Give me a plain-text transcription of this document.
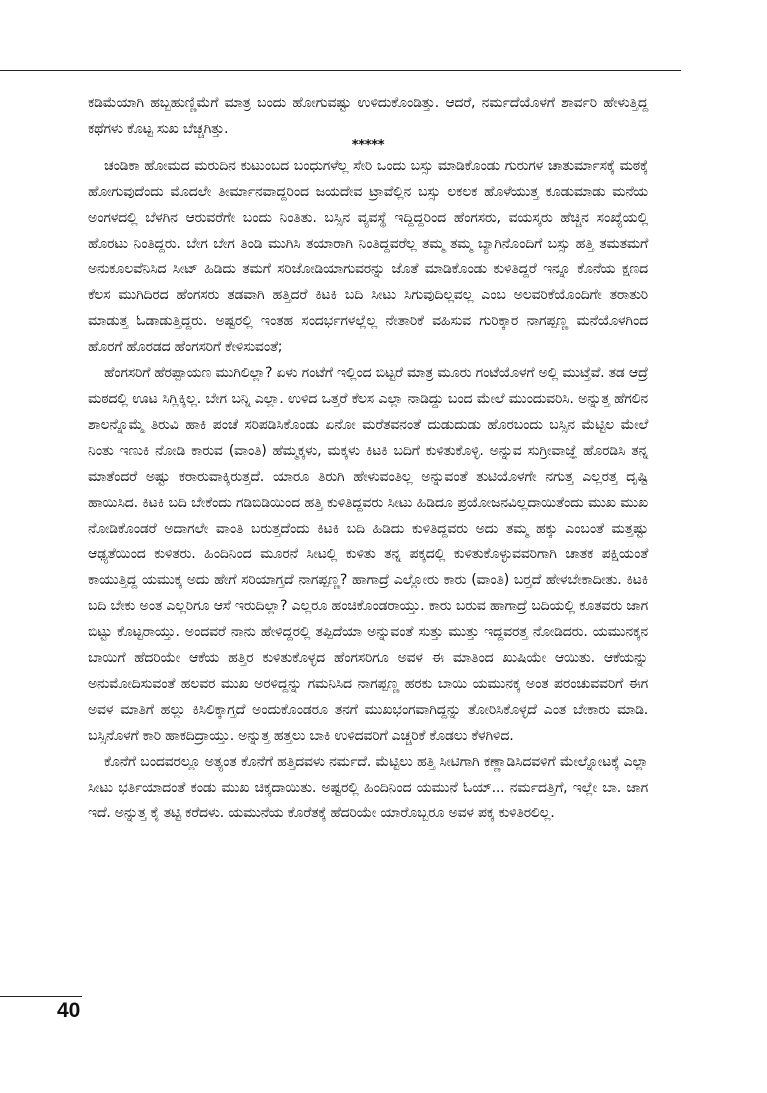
ಕಡಿಮೆಯಾಗಿ ಹಬ್ಬಹುಣ್ಣಿಮೆಗೆ ಮಾತ್ರ ಬಂದು ಹೋಗುವಷ್ಟು ಉಳಿದುಕೊಂಡಿತ್ತು. ಆದರೆ, ನರ್ಮದೆಯೊಳಗೆ ಶಾರ್ವರಿ ಹೇಳುತ್ತಿದ್ದ ಕಥೆಗಳು ಕೊಟ್ಟ ಸುಖ ಬೆಚ್ಚಗಿತ್ತು.

*****

ಚಂಡಿಕಾ ಹೋಮದ ಮರುದಿನ ಕುಟುಂಬದ ಬಂಧುಗಳೆಲ್ಲ ಸೇರಿ ಒಂದು ಬಸ್ಸು ಮಾಡಿಕೊಂಡು ಗುರುಗಳ ಚಾತುರ್ಮಾಸಕ್ಕೆ ಮಠಕ್ಕೆ ಹೋಗುವುದೆಂದು ಮೊದಲೇ ತೀರ್ಮಾನವಾದ್ದರಿಂದ ಜಯದೇವ ಟ್ರಾವೆಲ್ಲಿನ ಬಸ್ಸು ಲಕಲಕ ಹೊಳೆಯುತ್ತ ಕೂಡುಮಾಡು ಮನೆಯ ಅಂಗಳದಲ್ಲಿ ಬೆಳಗಿನ ಆರುವರೆಗೇ ಬಂದು ನಿಂತಿತು. ಬಸ್ಸಿನ ವ್ಯವಸ್ಥೆ ಇದ್ದಿದ್ದರಿಂದ ಹೆಂಗಸರು, ವಯಸ್ಕರು ಹೆಚ್ಚಿನ ಸಂಖ್ಯೆಯಲ್ಲಿ ಹೊರಟು ನಿಂತಿದ್ದರು. ಬೇಗ ಬೇಗ ತಿಂಡಿ ಮುಗಿಸಿ ತಯಾರಾಗಿ ನಿಂತಿದ್ದವರೆಲ್ಲ ತಮ್ಮ ತಮ್ಮ ಬ್ಯಾಗಿನೊಂದಿಗೆ ಬಸ್ಸು ಹತ್ತಿ ತಮತಮಗೆ ಅನುಕೂಲವೆನಿಸಿದ ಸೀಟ್ ಹಿಡಿದು ತಮಗೆ ಸರಿಜೋಡಿಯಾಗುವರನ್ನು ಜೊತೆ ಮಾಡಿಕೊಂಡು ಕುಳಿತಿದ್ದರೆ ಇನ್ನೂ ಕೊನೆಯ ಕ್ಷಣದ ಕೆಲಸ ಮುಗಿದಿರದ ಹೆಂಗಸರು ತಡವಾಗಿ ಹತ್ತಿದರೆ ಕಿಟಕಿ ಬದಿ ಸೀಟು ಸಿಗುವುದಿಲ್ಲವಲ್ಲ ಎಂಬ ಅಲವರಿಕೆಯೊಂದಿಗೇ ತರಾತುರಿ ಮಾಡುತ್ತ ಓಡಾಡುತ್ತಿದ್ದರು. ಅಷ್ಟರಲ್ಲಿ ಇಂತಹ ಸಂದರ್ಭಗಳಲ್ಲೆಲ್ಲ ನೇತಾರಿಕೆ ವಹಿಸುವ ಗುರಿಕ್ಕಾರ ನಾಗಪ್ಪಣ್ಣ ಮನೆಯೊಳಗಿಂದ ಹೊರಗೆ ಹೊರಡದ ಹೆಂಗಸರಿಗೆ ಕೇಳಿಸುವಂತೆ;

ಹೆಂಗಸರಿಗೆ ಹೆರಪ್ಪಾಯಣ ಮುಗಿಲಿಲ್ಲಾ? ಏಳು ಗಂಟೆಗೆ ಇಲ್ಲಿಂದ ಬಿಟ್ಟರೆ ಮಾತ್ರ ಮೂರು ಗಂಟೆಯೊಳಗೆ ಅಲ್ಲಿ ಮುಟ್ತೆವೆ. ತಡ ಆದ್ರೆ ಮಠದಲ್ಲಿ ಊಟ ಸಿಗ್ಲಿಕ್ಕಿಲ್ಲ. ಬೇಗ ಬನ್ನಿ ಎಲ್ಲಾ. ಉಳಿದ ಒತ್ತರೆ ಕೆಲಸ ಎಲ್ಲಾ ನಾಡಿದ್ದು ಬಂದ ಮೇಲೆ ಮುಂದುವರಿಸಿ. ಅನ್ನುತ್ತ ಹೆಗಲಿನ ಶಾಲನ್ನೊಮ್ಮೆ ತಿರುವಿ ಹಾಕಿ ಪಂಚೆ ಸರಿಪಡಿಸಿಕೊಂಡು ಏನೋ ಮರೆತವನಂತೆ ದುಡುದುಡು ಹೊರಬಂದು ಬಸ್ಸಿನ ಮೆಟ್ಟಿಲ ಮೇಲೆ ನಿಂತು ಇಣುಕಿ ನೋಡಿ ಕಾರುವ (ವಾಂತಿ) ಹೆಮ್ಮಕ್ಕಳು, ಮಕ್ಕಳು ಕಿಟಕಿ ಬದಿಗೆ ಕುಳಿತುಕೊಳ್ಳಿ. ಅನ್ನುವ ಸುಗ್ರೀವಾಜ್ಞೆ ಹೊರಡಿಸಿ ತನ್ನ ಮಾತೆಂದರೆ ಅಷ್ಟು ಕರಾರುವಾಕ್ಕಿರುತ್ತದೆ. ಯಾರೂ ತಿರುಗಿ ಹೇಳುವಂತಿಲ್ಲ ಅನ್ನುವಂತೆ ತುಟಿಯೊಳಗೇ ನಗುತ್ತ ಎಲ್ಲರತ್ತ ದೃಷ್ಟಿ ಹಾಯಿಸಿದ. ಕಿಟಕಿ ಬದಿ ಬೇಕೆಂದು ಗಡಿಬಿಡಿಯಿಂದ ಹತ್ತಿ ಕುಳಿತಿದ್ದವರು ಸೀಟು ಹಿಡಿದೂ ಪ್ರಯೋಜನವಿಲ್ಲದಾಯಿತೆಂದು ಮುಖ ಮುಖ ನೋಡಿಕೊಂಡರೆ ಅದಾಗಲೇ ವಾಂತಿ ಬರುತ್ತದೆಂದು ಕಿಟಕಿ ಬದಿ ಹಿಡಿದು ಕುಳಿತಿದ್ದವರು ಅದು ತಮ್ಮ ಹಕ್ಕು ಎಂಬಂತೆ ಮತ್ತಷ್ಟು ಆಢ್ಯತೆಯಿಂದ ಕುಳಿತರು. ಹಿಂದಿನಿಂದ ಮೂರನೆ ಸೀಟಲ್ಲಿ ಕುಳಿತು ತನ್ನ ಪಕ್ಕದಲ್ಲಿ ಕುಳಿತುಕೊಳ್ಳುವವರಿಗಾಗಿ ಚಾತಕ ಪಕ್ಷಿಯಂತೆ ಕಾಯುತ್ತಿದ್ದ ಯಮುಕ್ಕ ಅದು ಹೇಗೆ ಸರಿಯಾಗ್ತದೆ ನಾಗಪ್ಪಣ್ಣ? ಹಾಗಾದ್ರೆ ಎಲ್ಲೋರು ಕಾರು (ವಾಂತಿ) ಬರ್‍ತದೆ ಹೇಳಬೇಕಾದೀತು. ಕಿಟಕಿ ಬದಿ ಬೇಕು ಅಂತ ಎಲ್ಲರಿಗೂ ಆಸೆ ಇರುದಿಲ್ಲಾ? ಎಲ್ಲರೂ ಹಂಚಿಕೊಂಡರಾಯ್ತು. ಕಾರು ಬರುವ ಹಾಗಾದ್ರೆ ಬದಿಯಲ್ಲಿ ಕೂತವರು ಜಾಗ ಬಿಟ್ಟು ಕೊಟ್ಟರಾಯ್ತು. ಅಂದವರೆ ನಾನು ಹೇಳಿದ್ದರಲ್ಲಿ ತಪ್ಪಿದೆಯಾ ಅನ್ನುವಂತೆ ಸುತ್ತು ಮುತ್ತು ಇದ್ದವರತ್ತ ನೋಡಿದರು. ಯಮುನಕ್ಕನ ಬಾಯಿಗೆ ಹೆದರಿಯೇ ಆಕೆಯ ಹತ್ತಿರ ಕುಳಿತುಕೊಳ್ಳದ ಹೆಂಗಸರಿಗೂ ಅವಳ ಈ ಮಾತಿಂದ ಖುಷಿಯೇ ಆಯಿತು. ಆಕೆಯನ್ನು ಅನುಮೋದಿಸುವಂತೆ ಹಲವರ ಮುಖ ಅರಳಿದ್ದನ್ನು ಗಮನಿಸಿದ ನಾಗಪ್ಪಣ್ಣ ಹರಕು ಬಾಯಿ ಯಮುನಕ್ಕ ಅಂತ ಪರಂಚುವವರಿಗೆ ಈಗ ಅವಳ ಮಾತಿಗೆ ಹಲ್ಲು ಕಿಸಿಲಿಕ್ಕಾಗ್ತದೆ ಅಂದುಕೊಂಡರೂ ತನಗೆ ಮುಖಭಂಗವಾಗಿದ್ದನ್ನು ತೋರಿಸಿಕೊಳ್ಳದೆ ಎಂತ ಬೇಕಾರು ಮಾಡಿ. ಬಸ್ಸಿನೊಳಗೆ ಕಾರಿ ಹಾಕದಿದ್ರಾಯ್ತು. ಅನ್ನುತ್ತ ಹತ್ತಲು ಬಾಕಿ ಉಳಿದವರಿಗೆ ಎಚ್ಚರಿಕೆ ಕೊಡಲು ಕೆಳಗಿಳಿದ.

ಕೊನೆಗೆ ಬಂದವರಲ್ಲೂ ಅತ್ಯಂತ ಕೊನೆಗೆ ಹತ್ತಿದವಳು ನರ್ಮದೆ. ಮೆಟ್ಟಿಲು ಹತ್ತಿ ಸೀಟಿಗಾಗಿ ಕಣ್ಣಾಡಿಸಿದವಳಿಗೆ ಮೇಲ್ನೋಟಕ್ಕೆ ಎಲ್ಲಾ ಸೀಟು ಭರ್ತಿಯಾದಂತೆ ಕಂಡು ಮುಖ ಚಿಕ್ಕದಾಯಿತು. ಅಷ್ಟರಲ್ಲಿ ಹಿಂದಿನಿಂದ ಯಮುನೆ ಓಯ್... ನರ್ಮದತ್ತಿಗೆ, ಇಲ್ಲೇ ಬಾ. ಜಾಗ ಇದೆ. ಅನ್ನುತ್ತ ಕೈ ತಟ್ಟಿ ಕರೆದಳು. ಯಮುನೆಯ ಕೊರೆತಕ್ಕೆ ಹೆದರಿಯೇ ಯಾರೊಬ್ಬರೂ ಅವಳ ಪಕ್ಕ ಕುಳಿತಿರಲಿಲ್ಲ.

40
